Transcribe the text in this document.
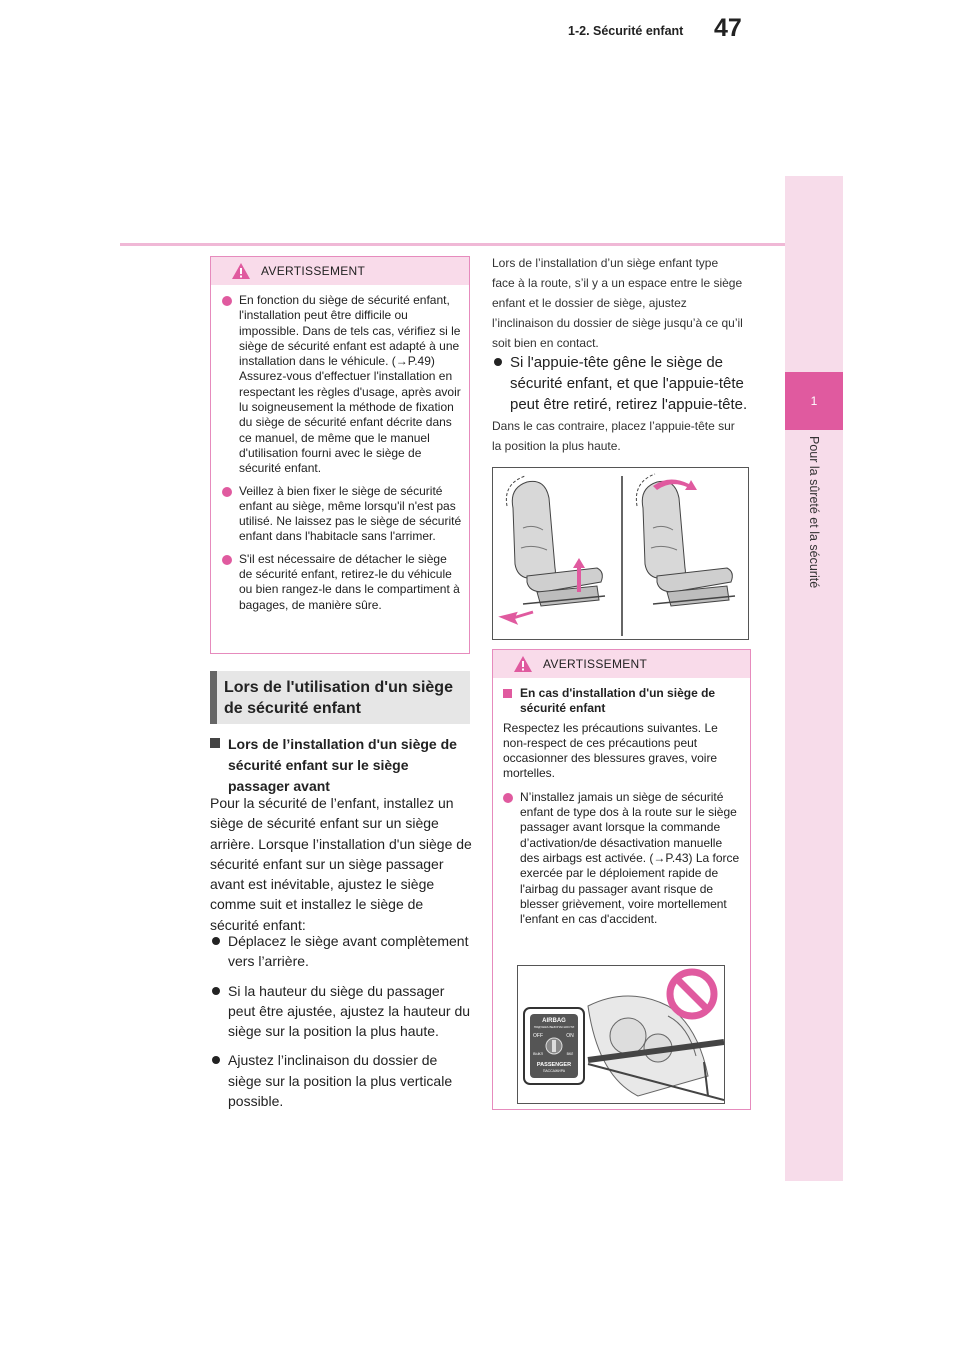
47
1-2. Sécurité enfant
1
Pour la sûreté et la sécurité
AVERTISSEMENT
En fonction du siège de sécurité enfant, l'installation peut être difficile ou impossible. Dans de tels cas, vérifiez si le siège de sécurité enfant est adapté à une installation dans le véhicule. (→P.49) Assurez-vous d'effectuer l'installation en respectant les règles d'usage, après avoir lu soigneusement la méthode de fixation du siège de sécurité enfant décrite dans ce manuel, de même que le manuel d'utilisation fourni avec le siège de sécurité enfant.
Veillez à bien fixer le siège de sécurité enfant au siège, même lorsqu'il n'est pas utilisé. Ne laissez pas le siège de sécurité enfant dans l'habitacle sans l'arrimer.
S'il est nécessaire de détacher le siège de sécurité enfant, retirez-le du véhicule ou bien rangez-le dans le compartiment à bagages, de manière sûre.
Lors de l'utilisation d'un siège de sécurité enfant
Lors de l’installation d'un siège de sécurité enfant sur le siège passager avant
Pour la sécurité de l’enfant, installez un siège de sécurité enfant sur un siège arrière. Lorsque l’installation d'un siège de sécurité enfant sur un siège passager avant est inévitable, ajustez le siège comme suit et installez le siège de sécurité enfant:
Déplacez le siège avant complètement vers l’arrière.
Si la hauteur du siège du passager peut être ajustée, ajustez la hauteur du siège sur la position la plus haute.
Ajustez l’inclinaison du dossier de siège sur la position la plus verticale possible.
Lors de l’installation d’un siège enfant type face à la route, s’il y a un espace entre le siège enfant et le dossier de siège, ajustez l’inclinaison du dossier de siège jusqu’à ce qu’il soit bien en contact.
Si l'appuie-tête gêne le siège de sécurité enfant, et que l'appuie-tête peut être retiré, retirez l'appuie-tête.
Dans le cas contraire, placez l’appuie-tête sur la position la plus haute.
AVERTISSEMENT
En cas d'installation d'un siège de sécurité enfant
Respectez les précautions suivantes. Le non-respect de ces précautions peut occasionner des blessures graves, voire mortelles.
N’installez jamais un siège de sécurité enfant de type dos à la route sur le siège passager avant lorsque la commande d’activation/de désactivation manuelle des airbags est activée. (→P.43) La force exercée par le déploiement rapide de l'airbag du passager avant risque de blesser grièvement, voire mortellement l'enfant en cas d'accident.
AIRBAG
ПОДУШКА БЕЗОПАСНОСТИ
OFF	ON
ВЫКЛ	ВКЛ
PASSENGER
ПАССАЖИРА
